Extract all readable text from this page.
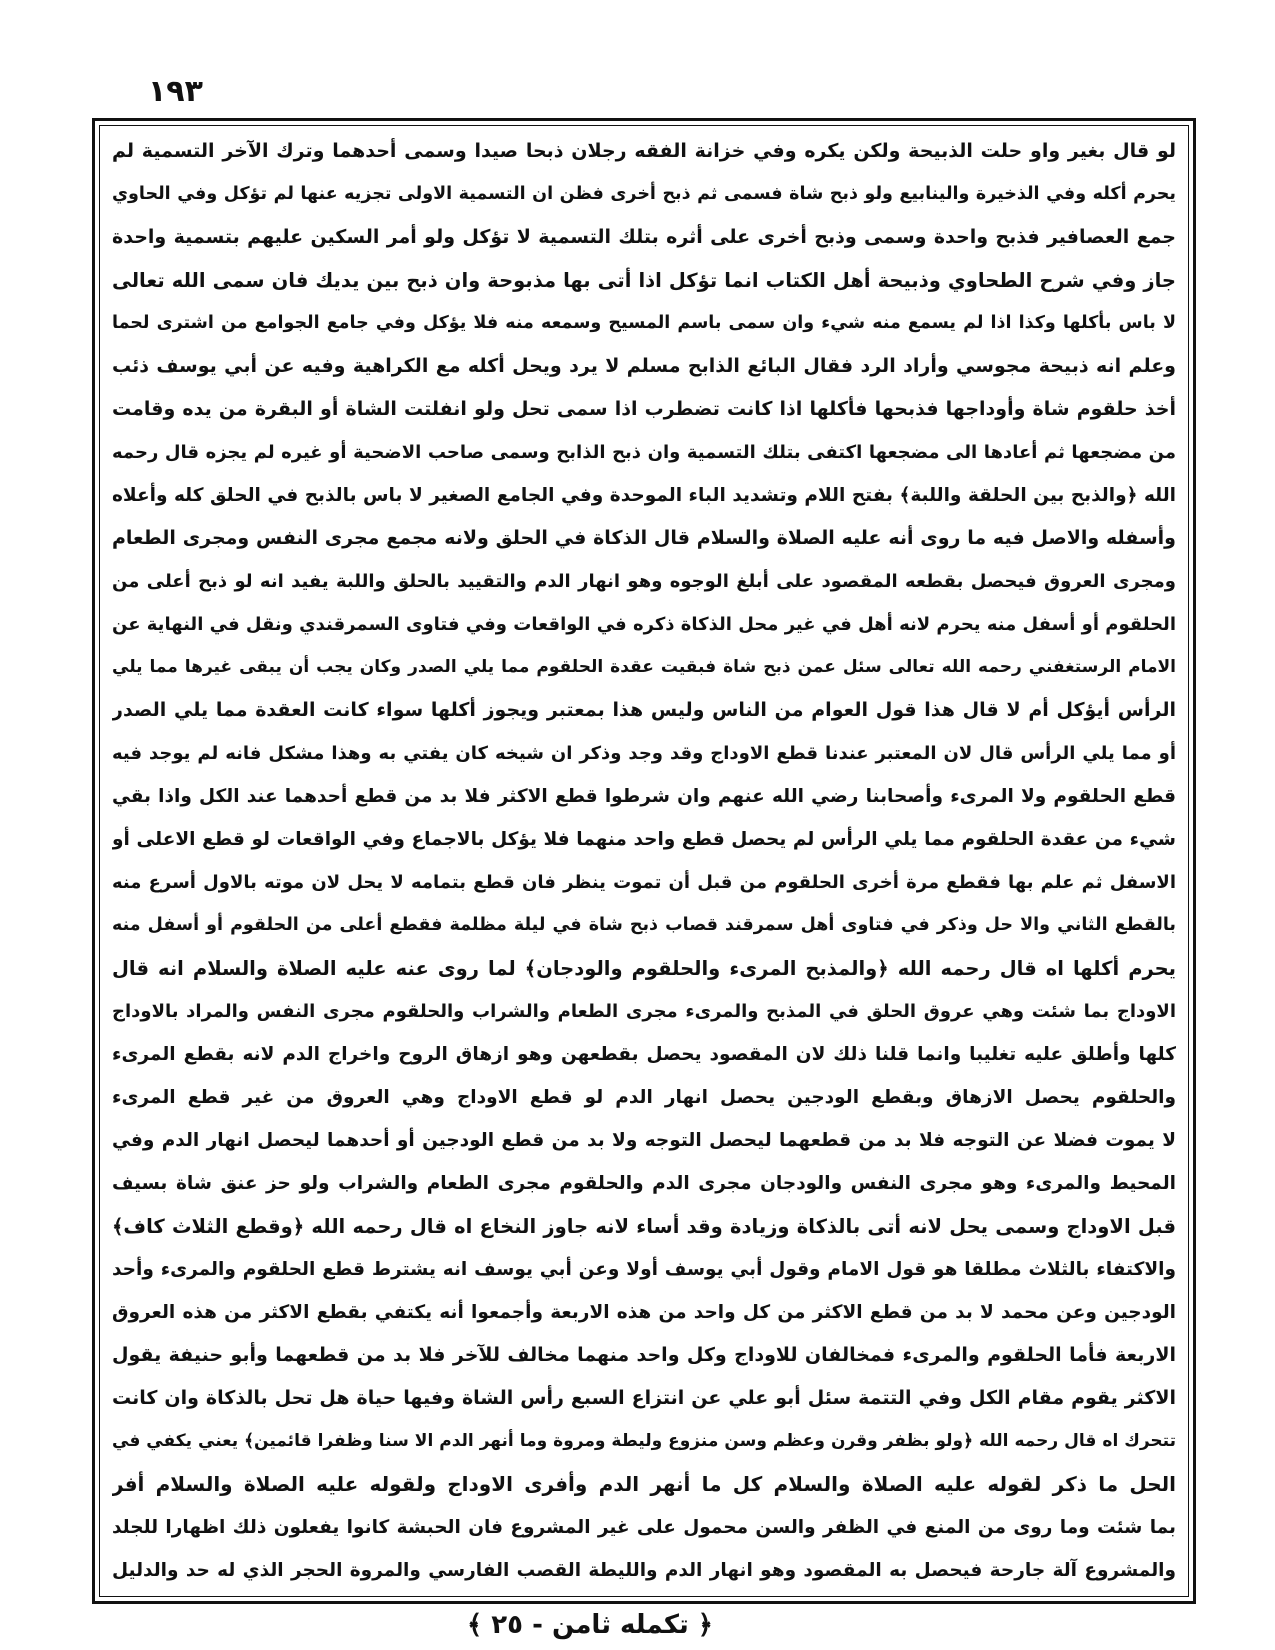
١٩٣
لو قال بغير واو حلت الذبيحة ولكن يكره وفي خزانة الفقه رجلان ذبحا صيدا وسمى أحدهما وترك الآخر التسمية لم
يحرم أكله وفي الذخيرة والينابيع ولو ذبح شاة فسمى ثم ذبح أخرى فظن ان التسمية الاولى تجزيه عنها لم تؤكل وفي الحاوي
جمع العصافير فذبح واحدة وسمى وذبح أخرى على أثره بتلك التسمية لا تؤكل ولو أمر السكين عليهم بتسمية واحدة
جاز وفي شرح الطحاوي وذبيحة أهل الكتاب انما تؤكل اذا أتى بها مذبوحة وان ذبح بين يديك فان سمى الله تعالى
لا باس بأكلها وكذا اذا لم يسمع منه شيء وان سمى باسم المسيح وسمعه منه فلا يؤكل وفي جامع الجوامع من اشترى لحما
وعلم انه ذبيحة مجوسي وأراد الرد فقال البائع الذابح مسلم لا يرد ويحل أكله مع الكراهية وفيه عن أبي يوسف ذئب
أخذ حلقوم شاة وأوداجها فذبحها فأكلها اذا كانت تضطرب اذا سمى تحل ولو انفلتت الشاة أو البقرة من يده وقامت
من مضجعها ثم أعادها الى مضجعها اكتفى بتلك التسمية وان ذبح الذابح وسمى صاحب الاضحية أو غيره لم يجزه قال رحمه
الله ﴿والذبح بين الحلقة واللبة﴾ بفتح اللام وتشديد الباء الموحدة وفي الجامع الصغير لا باس بالذبح في الحلق كله وأعلاه
وأسفله والاصل فيه ما روى أنه عليه الصلاة والسلام قال الذكاة في الحلق ولانه مجمع مجرى النفس ومجرى الطعام
ومجرى العروق فيحصل بقطعه المقصود على أبلغ الوجوه وهو انهار الدم والتقييد بالحلق واللبة يفيد انه لو ذبح أعلى من
الحلقوم أو أسفل منه يحرم لانه أهل في غير محل الذكاة ذكره في الواقعات وفي فتاوى السمرقندي ونقل في النهاية عن
الامام الرستغفني رحمه الله تعالى سئل عمن ذبح شاة فبقيت عقدة الحلقوم مما يلي الصدر وكان يجب أن يبقى غيرها مما يلي
الرأس أيؤكل أم لا قال هذا قول العوام من الناس وليس هذا بمعتبر ويجوز أكلها سواء كانت العقدة مما يلي الصدر
أو مما يلي الرأس قال لان المعتبر عندنا قطع الاوداج وقد وجد وذكر ان شيخه كان يفتي به وهذا مشكل فانه لم يوجد فيه
قطع الحلقوم ولا المرىء وأصحابنا رضي الله عنهم وان شرطوا قطع الاكثر فلا بد من قطع أحدهما عند الكل واذا بقي
شيء من عقدة الحلقوم مما يلي الرأس لم يحصل قطع واحد منهما فلا يؤكل بالاجماع وفي الواقعات لو قطع الاعلى أو
الاسفل ثم علم بها فقطع مرة أخرى الحلقوم من قبل أن تموت ينظر فان قطع بتمامه لا يحل لان موته بالاول أسرع منه
بالقطع الثاني والا حل وذكر في فتاوى أهل سمرقند قصاب ذبح شاة في ليلة مظلمة فقطع أعلى من الحلقوم أو أسفل منه
يحرم أكلها اه قال رحمه الله ﴿والمذبح المرىء والحلقوم والودجان﴾ لما روى عنه عليه الصلاة والسلام انه قال
الاوداج بما شئت وهي عروق الحلق في المذبح والمرىء مجرى الطعام والشراب والحلقوم مجرى النفس والمراد بالاوداج
كلها وأطلق عليه تغليبا وانما قلنا ذلك لان المقصود يحصل بقطعهن وهو ازهاق الروح واخراج الدم لانه بقطع المرىء
والحلقوم يحصل الازهاق وبقطع الودجين يحصل انهار الدم لو قطع الاوداج وهي العروق من غير قطع المرىء
لا يموت فضلا عن التوجه فلا بد من قطعهما ليحصل التوجه ولا بد من قطع الودجين أو أحدهما ليحصل انهار الدم وفي
المحيط والمرىء وهو مجرى النفس والودجان مجرى الدم والحلقوم مجرى الطعام والشراب ولو حز عنق شاة بسيف
قبل الاوداج وسمى يحل لانه أتى بالذكاة وزيادة وقد أساء لانه جاوز النخاع اه قال رحمه الله ﴿وقطع الثلاث كاف﴾
والاكتفاء بالثلاث مطلقا هو قول الامام وقول أبي يوسف أولا وعن أبي يوسف انه يشترط قطع الحلقوم والمرىء وأحد
الودجين وعن محمد لا بد من قطع الاكثر من كل واحد من هذه الاربعة وأجمعوا أنه يكتفي بقطع الاكثر من هذه العروق
الاربعة فأما الحلقوم والمرىء فمخالفان للاوداج وكل واحد منهما مخالف للآخر فلا بد من قطعهما وأبو حنيفة يقول
الاكثر يقوم مقام الكل وفي التتمة سئل أبو علي عن انتزاع السبع رأس الشاة وفيها حياة هل تحل بالذكاة وان كانت
تتحرك اه قال رحمه الله ﴿ولو بظفر وقرن وعظم وسن منزوع وليطة ومروة وما أنهر الدم الا سنا وظفرا قائمين﴾ يعني يكفي في
الحل ما ذكر لقوله عليه الصلاة والسلام كل ما أنهر الدم وأفرى الاوداج ولقوله عليه الصلاة والسلام أفر
بما شئت وما روى من المنع في الظفر والسن محمول على غير المشروع فان الحبشة كانوا يفعلون ذلك اظهارا للجلد
والمشروع آلة جارحة فيحصل به المقصود وهو انهار الدم والليطة القصب الفارسي والمروة الحجر الذي له حد والدليل
﴿ تكمله ثامن - ٢٥ ﴾
